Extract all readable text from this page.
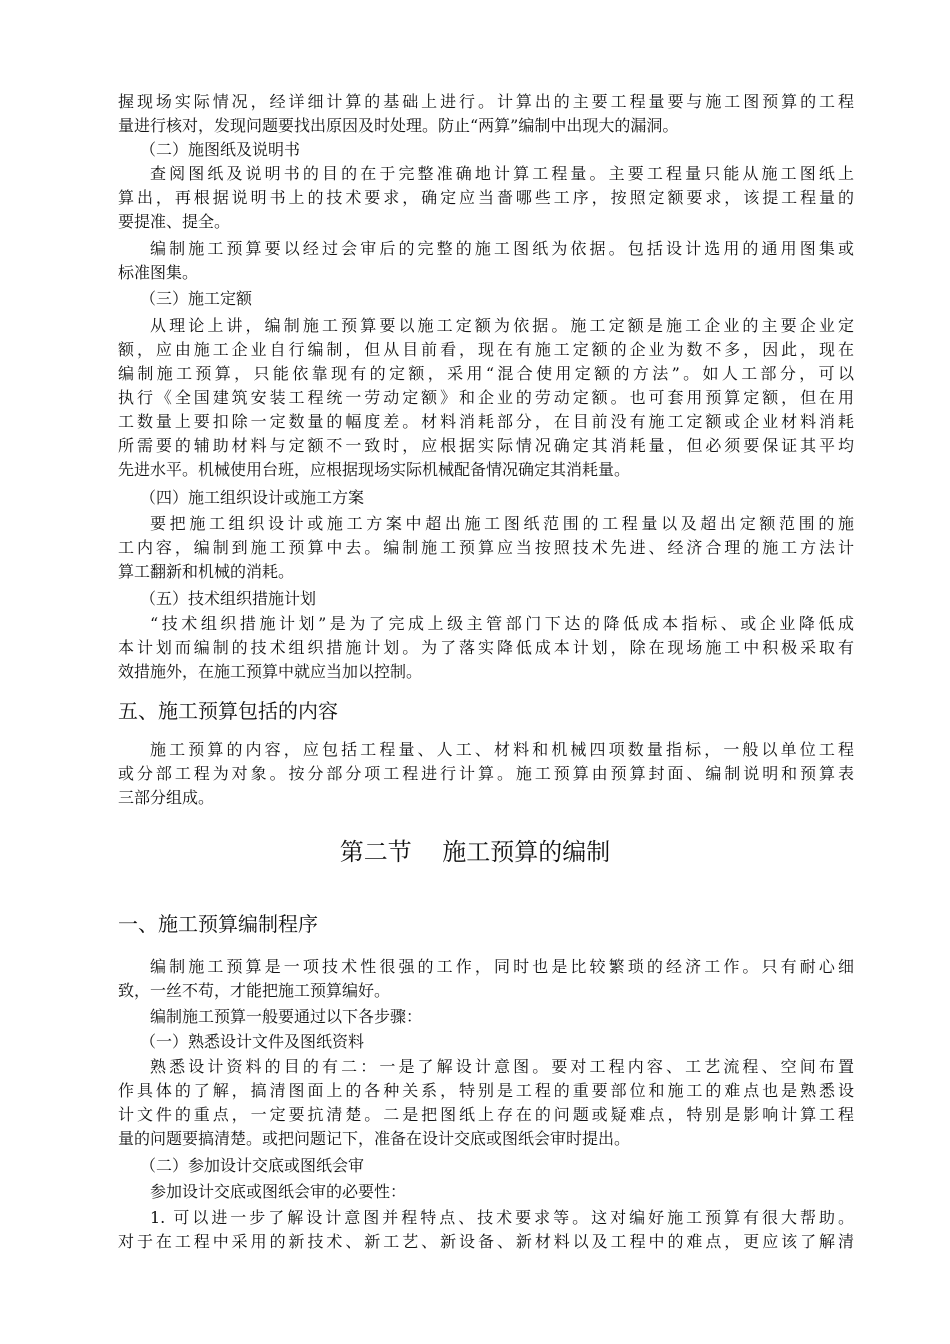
握现场实际情况，经详细计算的基础上进行。计算出的主要工程量要与施工图预算的工程
量进行核对，发现问题要找出原因及时处理。防止“两算”编制中出现大的漏洞。
（二）施图纸及说明书
查阅图纸及说明书的目的在于完整准确地计算工程量。主要工程量只能从施工图纸上
算出，再根据说明书上的技术要求，确定应当嗇哪些工序，按照定额要求，该提工程量的
要提准、提全。
编制施工预算要以经过会审后的完整的施工图纸为依据。包括设计选用的通用图集或
标准图集。
（三）施工定额
从理论上讲，编制施工预算要以施工定额为依据。施工定额是施工企业的主要企业定
额，应由施工企业自行编制，但从目前看，现在有施工定额的企业为数不多，因此，现在
编制施工预算，只能依靠现有的定额，采用“混合使用定额的方法”。如人工部分，可以
执行《全国建筑安装工程统一劳动定额》和企业的劳动定额。也可套用预算定额，但在用
工数量上要扣除一定数量的幅度差。材料消耗部分，在目前没有施工定额或企业材料消耗
所需要的辅助材料与定额不一致时，应根据实际情况确定其消耗量，但必须要保证其平均
先进水平。机械使用台班，应根据现场实际机械配备情况确定其消耗量。
（四）施工组织设计或施工方案
要把施工组织设计或施工方案中超出施工图纸范围的工程量以及超出定额范围的施
工内容，编制到施工预算中去。编制施工预算应当按照技术先进、经济合理的施工方法计
算工翻新和机械的消耗。
（五）技术组织措施计划
“技术组织措施计划”是为了完成上级主管部门下达的降低成本指标、或企业降低成
本计划而编制的技术组织措施计划。为了落实降低成本计划，除在现场施工中积极采取有
效措施外，在施工预算中就应当加以控制。
五、施工预算包括的内容
施工预算的内容，应包括工程量、人工、材料和机械四项数量指标，一般以单位工程
或分部工程为对象。按分部分项工程进行计算。施工预算由预算封面、编制说明和预算表
三部分组成。
第二节    施工预算的编制
一、施工预算编制程序
编制施工预算是一项技术性很强的工作，同时也是比较繁琐的经济工作。只有耐心细
致，一丝不苟，才能把施工预算编好。
编制施工预算一般要通过以下各步骤：
（一）熟悉设计文件及图纸资料
熟悉设计资料的目的有二：一是了解设计意图。要对工程内容、工艺流程、空间布置
作具体的了解，搞清图面上的各种关系，特别是工程的重要部位和施工的难点也是熟悉设
计文件的重点，一定要抗清楚。二是把图纸上存在的问题或疑难点，特别是影响计算工程
量的问题要搞清楚。或把问题记下，准备在设计交底或图纸会审时提出。
（二）参加设计交底或图纸会审
参加设计交底或图纸会审的必要性：
1. 可以进一步了解设计意图并程特点、技术要求等。这对编好施工预算有很大帮助。
对于在工程中采用的新技术、新工艺、新设备、新材料以及工程中的难点，更应该了解清
